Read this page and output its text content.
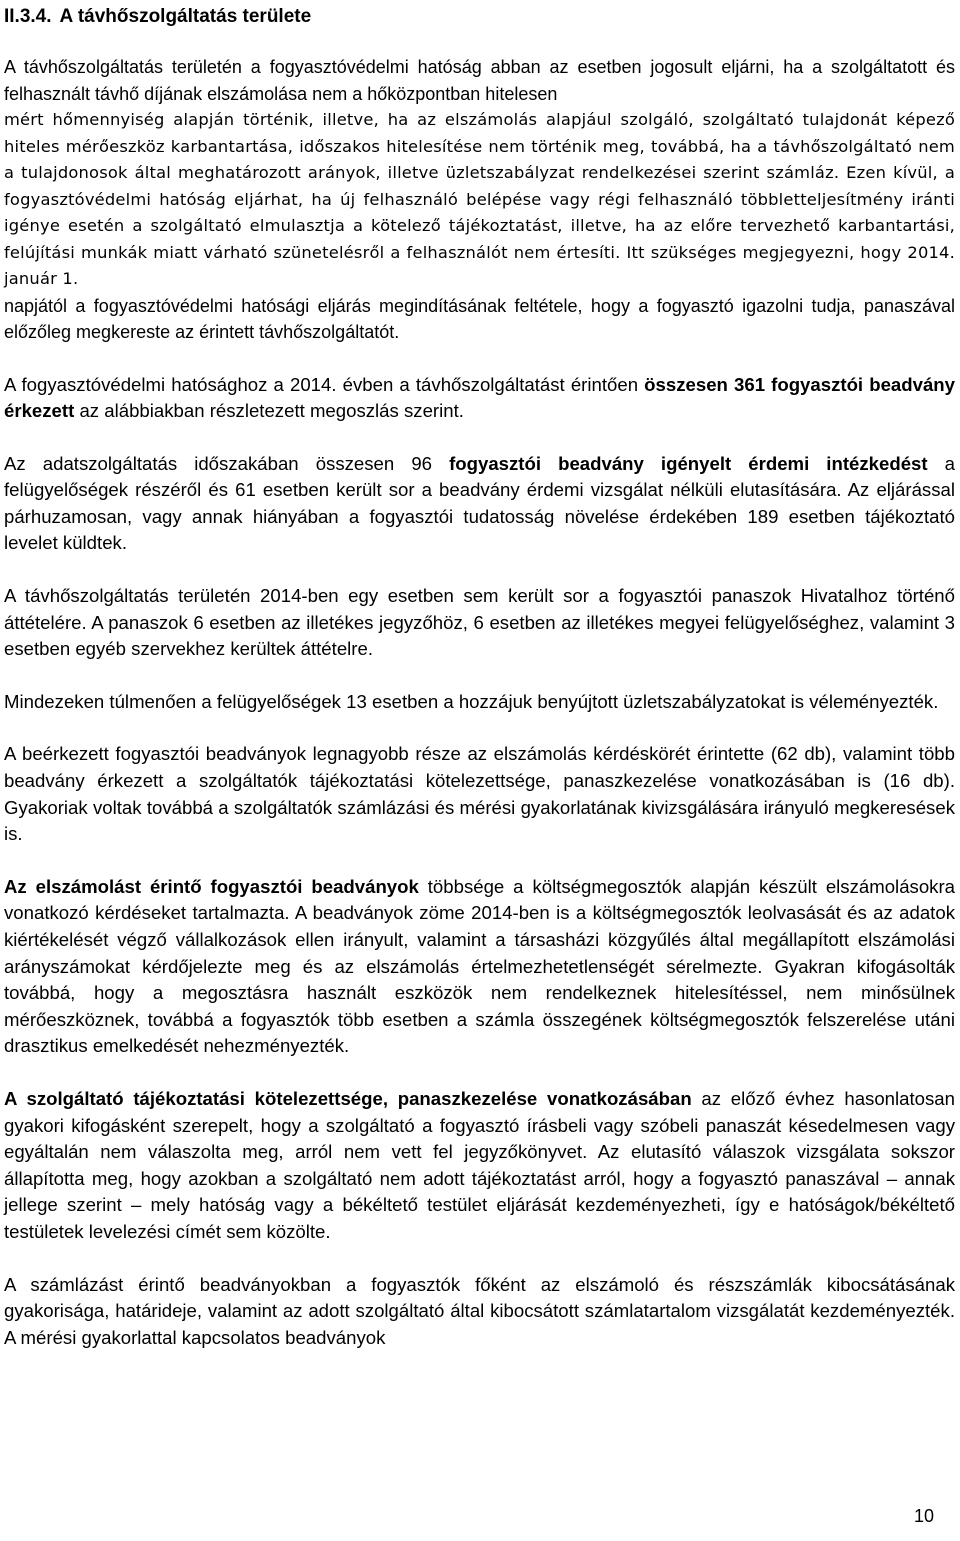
II.3.4. A távhőszolgáltatás területe

A távhőszolgáltatás területén a fogyasztóvédelmi hatóság abban az esetben jogosult eljárni, ha a szolgáltatott és felhasznált távhő díjának elszámolása nem a hőközpontban hitelesen

mért hőmennyiség alapján történik, illetve, ha az elszámolás alapjául szolgáló, szolgáltató tulajdonát képező hiteles mérőeszköz karbantartása, időszakos hitelesítése nem történik meg, továbbá, ha a távhőszolgáltató nem a tulajdonosok által meghatározott arányok, illetve üzletszabályzat rendelkezései szerint számláz. Ezen kívül, a fogyasztóvédelmi hatóság eljárhat, ha új felhasználó belépése vagy régi felhasználó többletteljesítmény iránti igénye esetén a szolgáltató elmulasztja a kötelező tájékoztatást, illetve, ha az előre tervezhető karbantartási, felújítási munkák miatt várható szünetelésről a felhasználót nem értesíti. Itt szükséges megjegyezni, hogy 2014. január 1.

napjától a fogyasztóvédelmi hatósági eljárás megindításának feltétele, hogy a fogyasztó igazolni tudja, panaszával előzőleg megkereste az érintett távhőszolgáltatót.

A fogyasztóvédelmi hatósághoz a 2014. évben a távhőszolgáltatást érintően összesen 361 fogyasztói beadvány érkezett az alábbiakban részletezett megoszlás szerint.

Az adatszolgáltatás időszakában összesen 96 fogyasztói beadvány igényelt érdemi intézkedést a felügyelőségek részéről és 61 esetben került sor a beadvány érdemi vizsgálat nélküli elutasítására. Az eljárással párhuzamosan, vagy annak hiányában a fogyasztói tudatosság növelése érdekében 189 esetben tájékoztató levelet küldtek.

A távhőszolgáltatás területén 2014-ben egy esetben sem került sor a fogyasztói panaszok Hivatalhoz történő áttételére. A panaszok 6 esetben az illetékes jegyzőhöz, 6 esetben az illetékes megyei felügyelőséghez, valamint 3 esetben egyéb szervekhez kerültek áttételre.

Mindezeken túlmenően a felügyelőségek 13 esetben a hozzájuk benyújtott üzletszabályzatokat is véleményezték.

A beérkezett fogyasztói beadványok legnagyobb része az elszámolás kérdéskörét érintette (62 db), valamint több beadvány érkezett a szolgáltatók tájékoztatási kötelezettsége, panaszkezelése vonatkozásában is (16 db). Gyakoriak voltak továbbá a szolgáltatók számlázási és mérési gyakorlatának kivizsgálására irányuló megkeresések is.

Az elszámolást érintő fogyasztói beadványok többsége a költségmegosztók alapján készült elszámolásokra vonatkozó kérdéseket tartalmazta. A beadványok zöme 2014-ben is a költségmegosztók leolvasását és az adatok kiértékelését végző vállalkozások ellen irányult, valamint a társasházi közgyűlés által megállapított elszámolási arányszámokat kérdőjelezte meg és az elszámolás értelmezhetetlenségét sérelmezte. Gyakran kifogásolták továbbá, hogy a megosztásra használt eszközök nem rendelkeznek hitelesítéssel, nem minősülnek mérőeszköznek, továbbá a fogyasztók több esetben a számla összegének költségmegosztók felszerelése utáni drasztikus emelkedését nehezményezték.

A szolgáltató tájékoztatási kötelezettsége, panaszkezelése vonatkozásában az előző évhez hasonlatosan gyakori kifogásként szerepelt, hogy a szolgáltató a fogyasztó írásbeli vagy szóbeli panaszát késedelmesen vagy egyáltalán nem válaszolta meg, arról nem vett fel jegyzőkönyvet. Az elutasító válaszok vizsgálata sokszor állapította meg, hogy azokban a szolgáltató nem adott tájékoztatást arról, hogy a fogyasztó panaszával – annak jellege szerint – mely hatóság vagy a békéltető testület eljárását kezdeményezheti, így e hatóságok/békéltető testületek levelezési címét sem közölte.

A számlázást érintő beadványokban a fogyasztók főként az elszámoló és részszámlák kibocsátásának gyakorisága, határideje, valamint az adott szolgáltató által kibocsátott számlatartalom vizsgálatát kezdeményezték. A mérési gyakorlattal kapcsolatos beadványok

10
